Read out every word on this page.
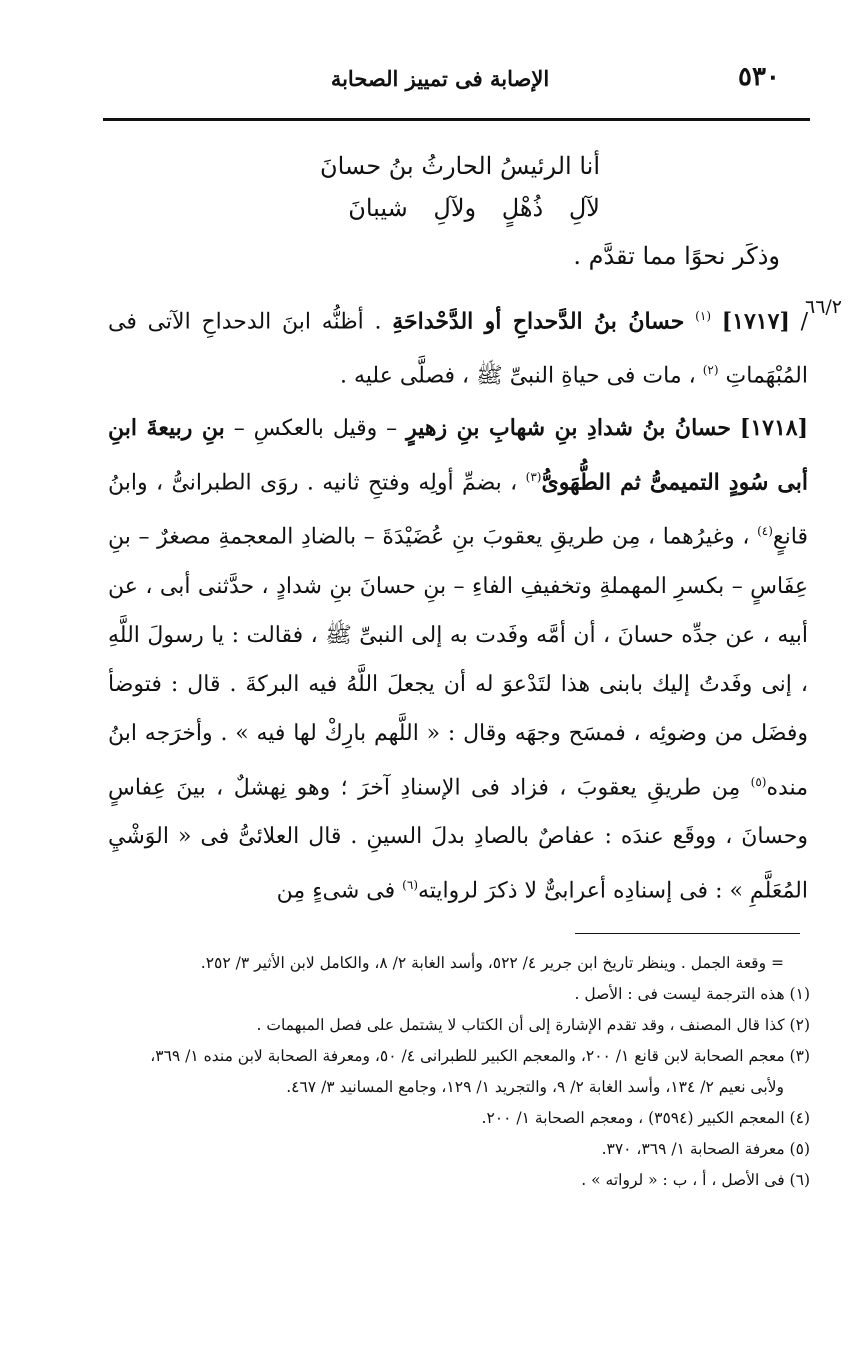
٥٣٠
الإصابة فى تمييز الصحابة
٦٦/٢
أنا الرئيسُ الحارثُ بنُ حسانَ
لآلِ ذُهْلٍ ولآلِ شيبانَ
وذكَر نحوًا مما تقدَّم .
/ [١٧١٧] $^{(١)}$ حسانُ بنُ الدَّحداحِ أو الدَّحْداحَةِ . أظنُّه ابنَ الدحداحِ الآتى فى المُبْهَماتِ $^{(٢)}$ ، مات فى حياةِ النبىِّ ﷺ ، فصلَّى عليه .
[١٧١٨] حسانُ بنُ شدادِ بنِ شهابِ بنِ زهيرٍ – وقيل بالعكسِ – بنِ ربيعةَ ابنِ أبى سُودٍ التميمىُّ ثم الطُّهَوىُّ$^{(٣)}$ ، بضمِّ أولِه وفتحِ ثانيه . روَى الطبرانىُّ ، وابنُ قانعٍ$^{(٤)}$ ، وغيرُهما ، مِن طريقِ يعقوبَ بنِ عُضَيْدَةَ – بالضادِ المعجمةِ مصغرٌ – بنِ عِفَاسٍ – بكسرِ المهملةِ وتخفيفِ الفاءِ – بنِ حسانَ بنِ شدادٍ ، حدَّثنى أبى ، عن أبيه ، عن جدِّه حسانَ ، أن أمَّه وفَدت به إلى النبىِّ ﷺ ، فقالت : يا رسولَ اللَّهِ ، إنى وفَدتُ إليك بابنى هذا لتَدْعوَ له أن يجعلَ اللَّهُ فيه البركةَ . قال : فتوضأ وفضَل من وضوئِه ، فمسَح وجهَه وقال : « اللَّهم بارِكْ لها فيه » . وأخرَجه ابنُ منده$^{(٥)}$ مِن طريقِ يعقوبَ ، فزاد فى الإسنادِ آخرَ ؛ وهو نِهشلٌ ، بينَ عِفاسٍ وحسانَ ، ووقَع عندَه : عفاصٌ بالصادِ بدلَ السينِ . قال العلائىُّ فى « الوَشْيِ المُعَلَّمِ » : فى إسنادِه أعرابىٌّ لا ذكرَ لروايته$^{(٦)}$ فى شىءٍ مِن
= وقعة الجمل . وينظر تاريخ ابن جرير ٤/ ٥٢٢، وأسد الغابة ٢/ ٨، والكامل لابن الأثير ٣/ ٢٥٢.
(١) هذه الترجمة ليست فى : الأصل .
(٢) كذا قال المصنف ، وقد تقدم الإشارة إلى أن الكتاب لا يشتمل على فصل المبهمات .
(٣) معجم الصحابة لابن قانع ١/ ٢٠٠، والمعجم الكبير للطبرانى ٤/ ٥٠، ومعرفة الصحابة لابن منده ١/ ٣٦٩،
ولأبى نعيم ٢/ ١٣٤، وأسد الغابة ٢/ ٩، والتجريد ١/ ١٢٩، وجامع المسانيد ٣/ ٤٦٧.
(٤) المعجم الكبير (٣٥٩٤) ، ومعجم الصحابة ١/ ٢٠٠.
(٥) معرفة الصحابة ١/ ٣٦٩، ٣٧٠.
(٦) فى الأصل ، أ ، ب : « لرواته » .
